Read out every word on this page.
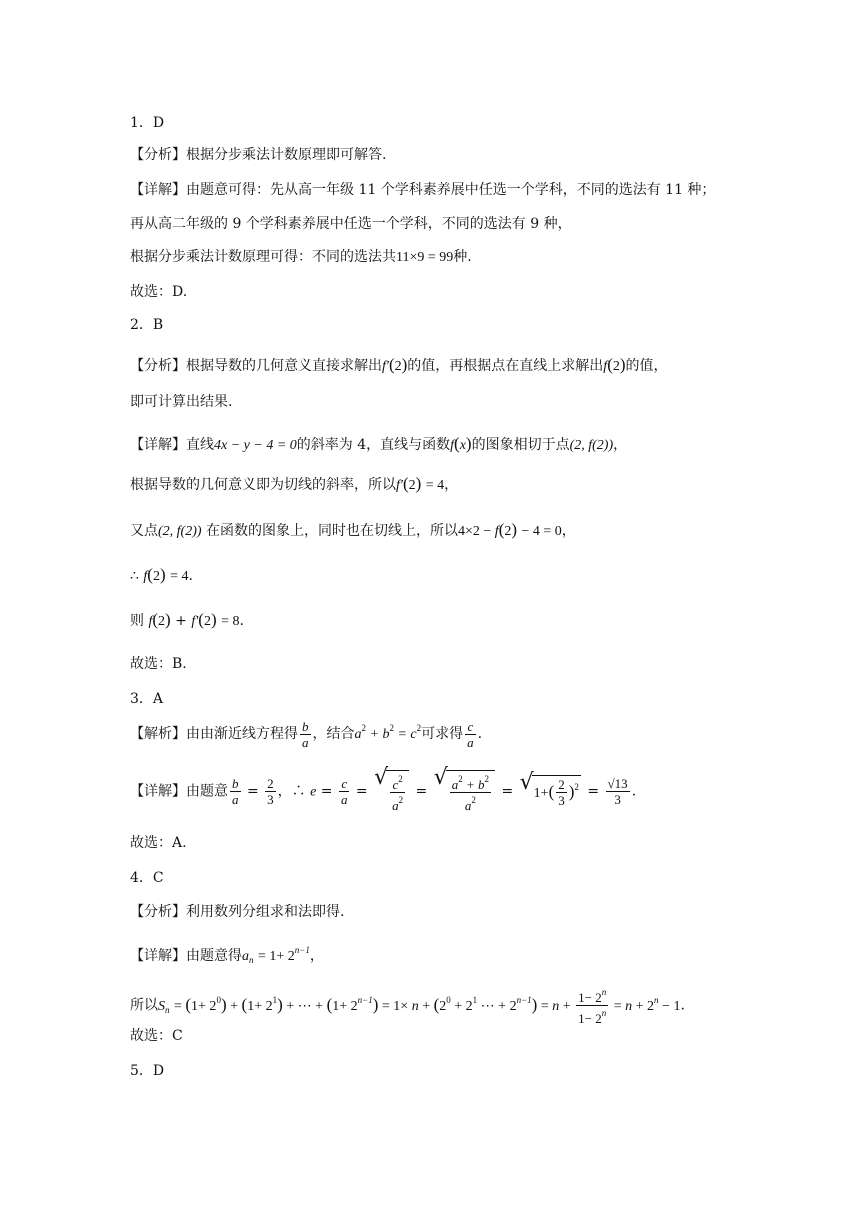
1．D
【分析】根据分步乘法计数原理即可解答.
【详解】由题意可得：先从高一年级 11 个学科素养展中任选一个学科，不同的选法有 11 种；
再从高二年级的 9 个学科素养展中任选一个学科，不同的选法有 9 种，
根据分步乘法计数原理可得：不同的选法共11×9 = 99种.
故选：D.
2．B
【分析】根据导数的几何意义直接求解出f′(2)的值，再根据点在直线上求解出f(2)的值，
即可计算出结果.
【详解】直线4x − y − 4 = 0的斜率为 4，直线与函数f(x)的图象相切于点(2, f(2))，
根据导数的几何意义即为切线的斜率，所以f′(2) = 4，
又点(2, f(2)) 在函数的图象上，同时也在切线上，所以4×2 − f(2) − 4 = 0，
∴ f(2) = 4.
则 f(2) + f′(2) = 8.
故选：B.
3．A
【解析】由由渐近线方程得 $\frac{b}{a}$ ，结合$a^2 + b^2 = c^2$可求得 $\frac{c}{a}$ .
【详解】由题意 $\frac{b}{a} = \frac{2}{3}$ ，∴ $e = \frac{c}{a}$ = √ $\frac{c^2}{a^2}$ = √ $\frac{a^2 + b^2}{a^2}$ = √ $1+( \frac{2}{3} )^2 = \frac{√13}{3}$ .
故选：A.
4．C
【分析】利用数列分组求和法即得.
【详解】由题意得$a_n = 1+ 2^{n-1}$，
所以$S_n = (1+ 2^0) + (1+ 2^1)$ + ⋯ + $(1+ 2^{n-1}) = 1\times n + (2^0 + 2^1$ ⋯ + $2^{n-1}) = n + \frac{1- 2^n}{1- 2^n} = n + 2^n - 1$.
故选：C
5．D
